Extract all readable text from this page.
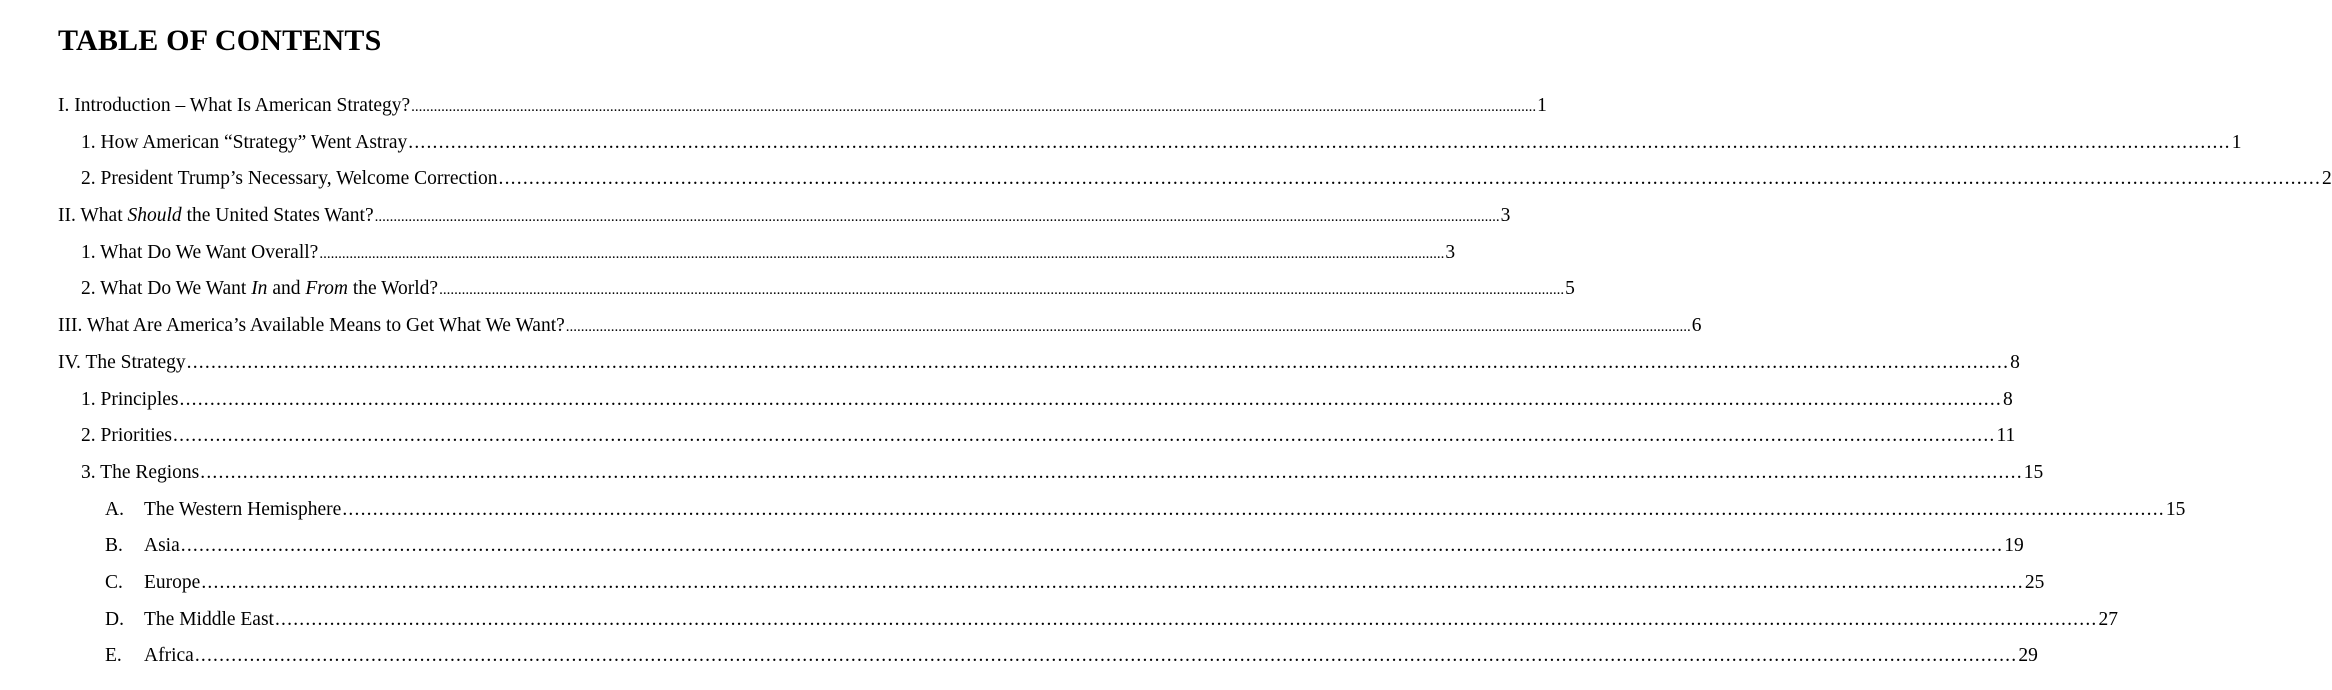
TABLE OF CONTENTS
I. Introduction – What Is American Strategy? ............................................................................................................................................................................................................................................................................................................ 1
1. How American “Strategy” Went Astray ............................................................................................................................................................................................................................................................................................................ 1
2. President Trump’s Necessary, Welcome Correction ............................................................................................................................................................................................................................................................................................................ 2
II. What Should the United States Want? ............................................................................................................................................................................................................................................................................................................ 3
1. What Do We Want Overall? ............................................................................................................................................................................................................................................................................................................ 3
2. What Do We Want In and From the World? ............................................................................................................................................................................................................................................................................................................ 5
III. What Are America’s Available Means to Get What We Want? ............................................................................................................................................................................................................................................................................................................ 6
IV. The Strategy ............................................................................................................................................................................................................................................................................................................ 8
1. Principles ............................................................................................................................................................................................................................................................................................................ 8
2. Priorities ............................................................................................................................................................................................................................................................................................................ 11
3. The Regions ............................................................................................................................................................................................................................................................................................................ 15
A. The Western Hemisphere ............................................................................................................................................................................................................................................................................................................ 15
B. Asia ............................................................................................................................................................................................................................................................................................................ 19
C. Europe ............................................................................................................................................................................................................................................................................................................ 25
D. The Middle East ............................................................................................................................................................................................................................................................................................................ 27
E. Africa ............................................................................................................................................................................................................................................................................................................ 29
